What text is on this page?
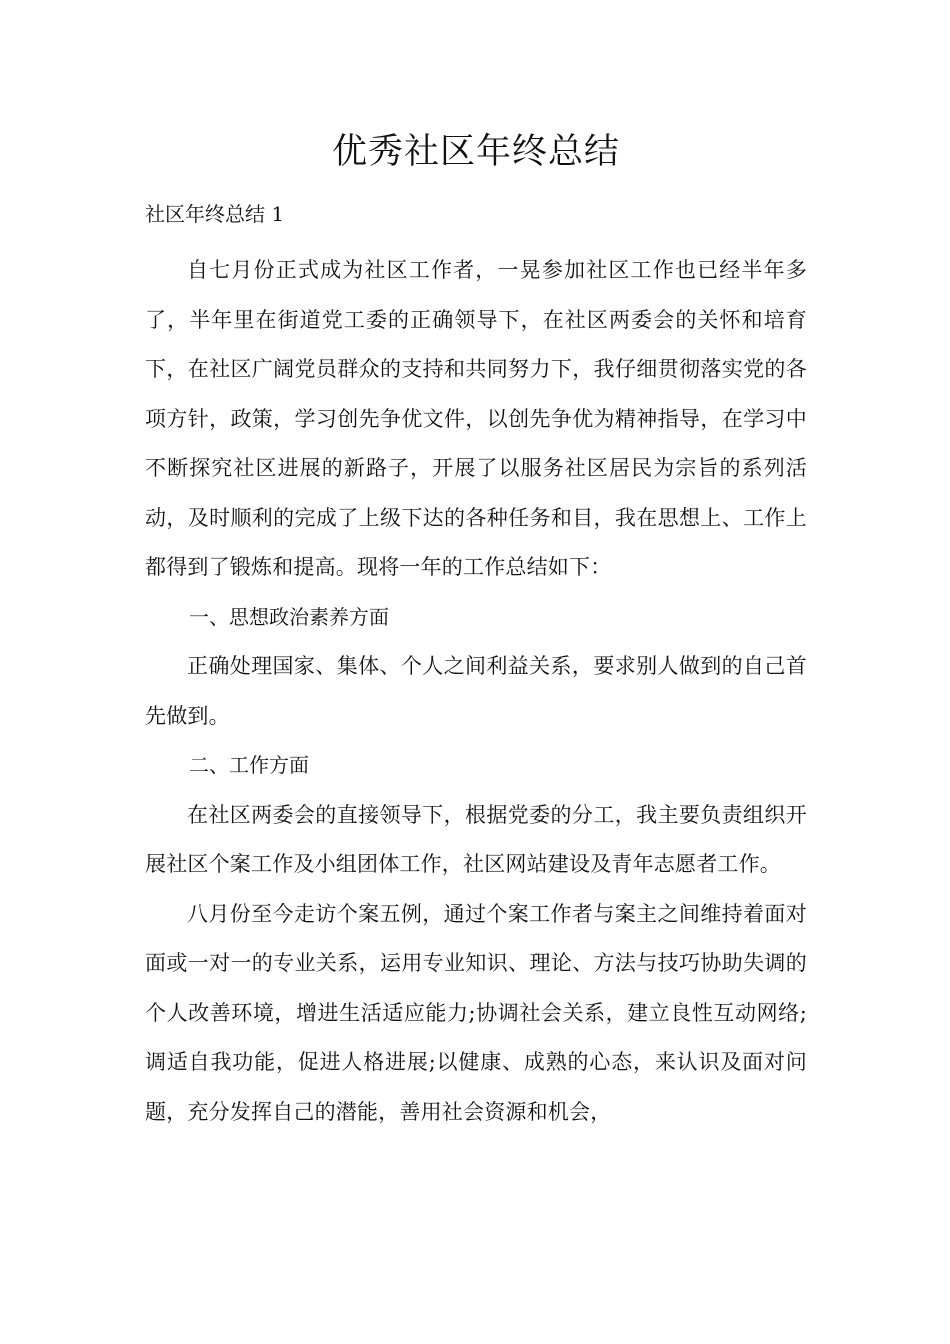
优秀社区年终总结
社区年终总结 1

自七月份正式成为社区工作者，一晃参加社区工作也已经半年多了，半年里在街道党工委的正确领导下，在社区两委会的关怀和培育下，在社区广阔党员群众的支持和共同努力下，我仔细贯彻落实党的各项方针，政策，学习创先争优文件，以创先争优为精神指导，在学习中不断探究社区进展的新路子，开展了以服务社区居民为宗旨的系列活动，及时顺利的完成了上级下达的各种任务和目，我在思想上、工作上都得到了锻炼和提高。现将一年的工作总结如下：

一、思想政治素养方面

正确处理国家、集体、个人之间利益关系，要求别人做到的自己首先做到。

二、工作方面

在社区两委会的直接领导下，根据党委的分工，我主要负责组织开展社区个案工作及小组团体工作，社区网站建设及青年志愿者工作。

八月份至今走访个案五例，通过个案工作者与案主之间维持着面对面或一对一的专业关系，运用专业知识、理论、方法与技巧协助失调的个人改善环境，增进生活适应能力;协调社会关系，建立良性互动网络;调适自我功能，促进人格进展;以健康、成熟的心态，来认识及面对问题，充分发挥自己的潜能，善用社会资源和机会，
